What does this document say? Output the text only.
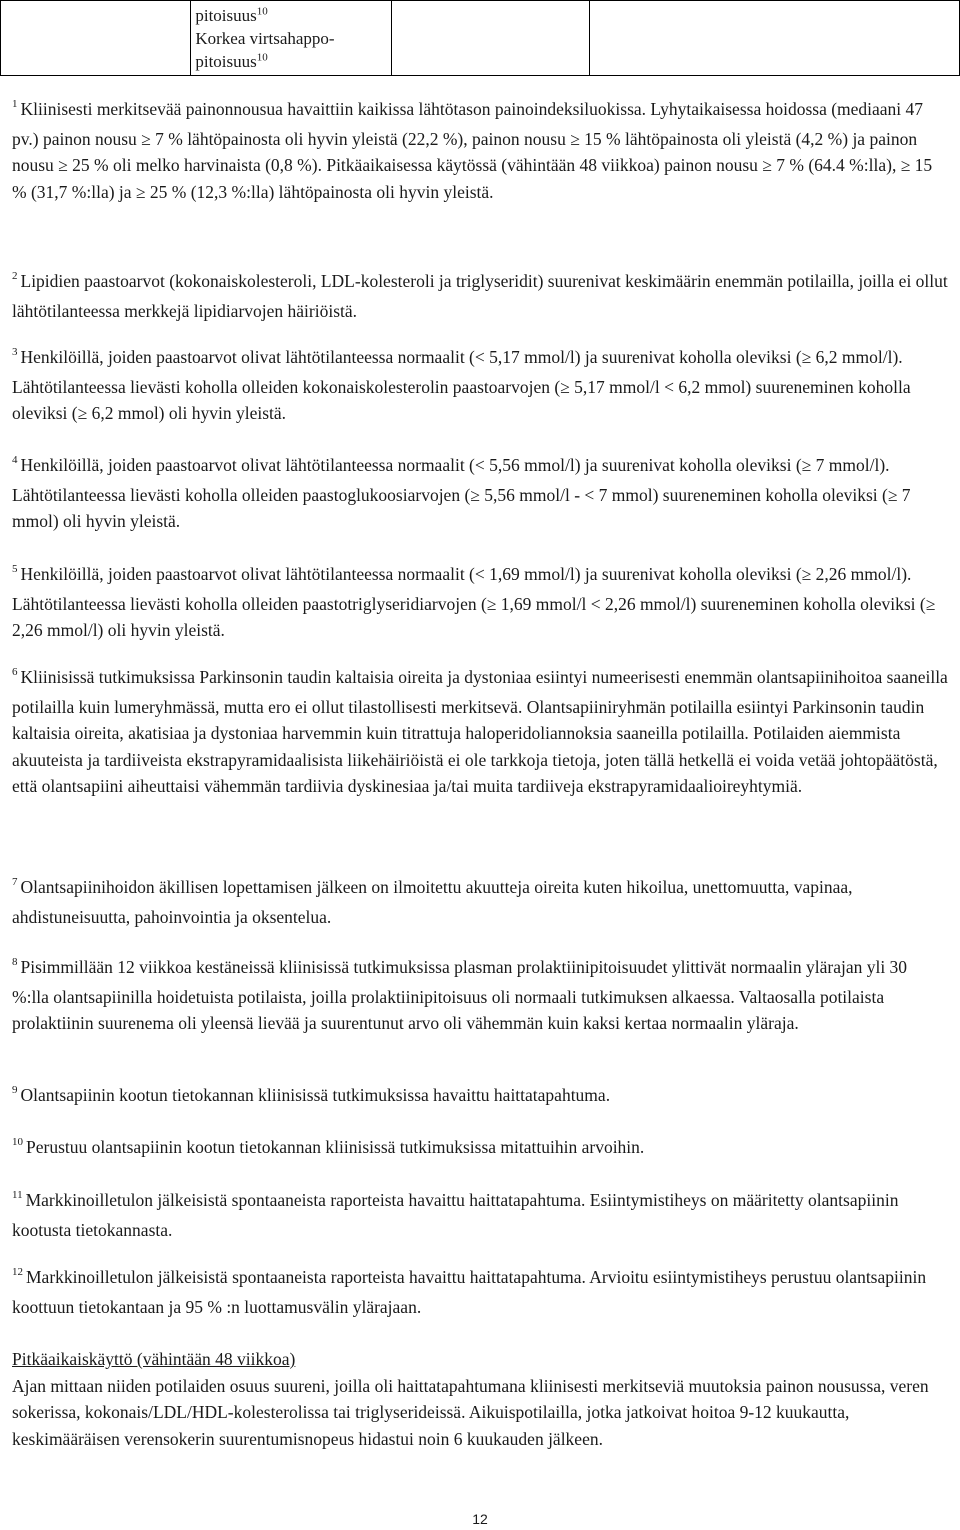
	pitoisuus$^{10}$
Korkea virtsahappo-
pitoisuus$^{10}$		

$^1$ Kliinisesti merkitsevää painonnousua havaittiin kaikissa lähtötason painoindeksiluokissa. Lyhytaikaisessa hoidossa (mediaani 47 pv.) painon nousu ≥ 7 % lähtöpainosta oli hyvin yleistä (22,2 %), painon nousu ≥ 15 % lähtöpainosta oli yleistä (4,2 %) ja painon nousu ≥ 25 % oli melko harvinaista (0,8 %). Pitkäaikaisessa käytössä (vähintään 48 viikkoa) painon nousu ≥ 7 % (64.4 %:lla), ≥ 15 % (31,7 %:lla) ja ≥ 25 % (12,3 %:lla) lähtöpainosta oli hyvin yleistä.

$^2$ Lipidien paastoarvot (kokonaiskolesteroli, LDL-kolesteroli ja triglyseridit) suurenivat keskimäärin enemmän potilailla, joilla ei ollut lähtötilanteessa merkkejä lipidiarvojen häiriöistä.

$^3$ Henkilöillä, joiden paastoarvot olivat lähtötilanteessa normaalit (< 5,17 mmol/l) ja suurenivat koholla oleviksi (≥ 6,2 mmol/l). Lähtötilanteessa lievästi koholla olleiden kokonaiskolesterolin paastoarvojen (≥ 5,17 mmol/l < 6,2 mmol) suureneminen koholla oleviksi (≥ 6,2 mmol) oli hyvin yleistä.

$^4$ Henkilöillä, joiden paastoarvot olivat lähtötilanteessa normaalit (< 5,56 mmol/l) ja suurenivat koholla oleviksi (≥ 7 mmol/l). Lähtötilanteessa lievästi koholla olleiden paastoglukoosiarvojen (≥ 5,56 mmol/l - < 7 mmol) suureneminen koholla oleviksi (≥ 7 mmol) oli hyvin yleistä.

$^5$ Henkilöillä, joiden paastoarvot olivat lähtötilanteessa normaalit (< 1,69 mmol/l) ja suurenivat koholla oleviksi (≥ 2,26 mmol/l). Lähtötilanteessa lievästi koholla olleiden paastotriglyseridiarvojen (≥ 1,69 mmol/l < 2,26 mmol/l) suureneminen koholla oleviksi (≥ 2,26 mmol/l) oli hyvin yleistä.

$^6$ Kliinisissä tutkimuksissa Parkinsonin taudin kaltaisia oireita ja dystoniaa esiintyi numeerisesti enemmän olantsapiinihoitoa saaneilla potilailla kuin lumeryhmässä, mutta ero ei ollut tilastollisesti merkitsevä. Olantsapiiniryhmän potilailla esiintyi Parkinsonin taudin kaltaisia oireita, akatisiaa ja dystoniaa harvemmin kuin titrattuja haloperidoliannoksia saaneilla potilailla. Potilaiden aiemmista akuuteista ja tardiiveista ekstrapyramidaalisista liikehäiriöistä ei ole tarkkoja tietoja, joten tällä hetkellä ei voida vetää johtopäätöstä, että olantsapiini aiheuttaisi vähemmän tardiivia dyskinesiaa ja/tai muita tardiiveja ekstrapyramidaalioireyhtymiä.

$^7$ Olantsapiinihoidon äkillisen lopettamisen jälkeen on ilmoitettu akuutteja oireita kuten hikoilua, unettomuutta, vapinaa, ahdistuneisuutta, pahoinvointia ja oksentelua.

$^8$ Pisimmillään 12 viikkoa kestäneissä kliinisissä tutkimuksissa plasman prolaktiinipitoisuudet ylittivät normaalin ylärajan yli 30 %:lla olantsapiinilla hoidetuista potilaista, joilla prolaktiinipitoisuus oli normaali tutkimuksen alkaessa. Valtaosalla potilaista prolaktiinin suurenema oli yleensä lievää ja suurentunut arvo oli vähemmän kuin kaksi kertaa normaalin yläraja.

$^9$ Olantsapiinin kootun tietokannan kliinisissä tutkimuksissa havaittu haittatapahtuma.

$^{10}$ Perustuu olantsapiinin kootun tietokannan kliinisissä tutkimuksissa mitattuihin arvoihin.

$^{11}$ Markkinoilletulon jälkeisistä spontaaneista raporteista havaittu haittatapahtuma. Esiintymistiheys on määritetty olantsapiinin kootusta tietokannasta.

$^{12}$ Markkinoilletulon jälkeisistä spontaaneista raporteista havaittu haittatapahtuma. Arvioitu esiintymistiheys perustuu olantsapiinin koottuun tietokantaan ja 95 % :n luottamusvälin ylärajaan.

Pitkäaikaiskäyttö (vähintään 48 viikkoa)
Ajan mittaan niiden potilaiden osuus suureni, joilla oli haittatapahtumana kliinisesti merkitseviä muutoksia painon nousussa, veren sokerissa, kokonais/LDL/HDL-kolesterolissa tai triglyserideissä. Aikuispotilailla, jotka jatkoivat hoitoa 9-12 kuukautta, keskimääräisen verensokerin suurentumisnopeus hidastui noin 6 kuukauden jälkeen.
12
